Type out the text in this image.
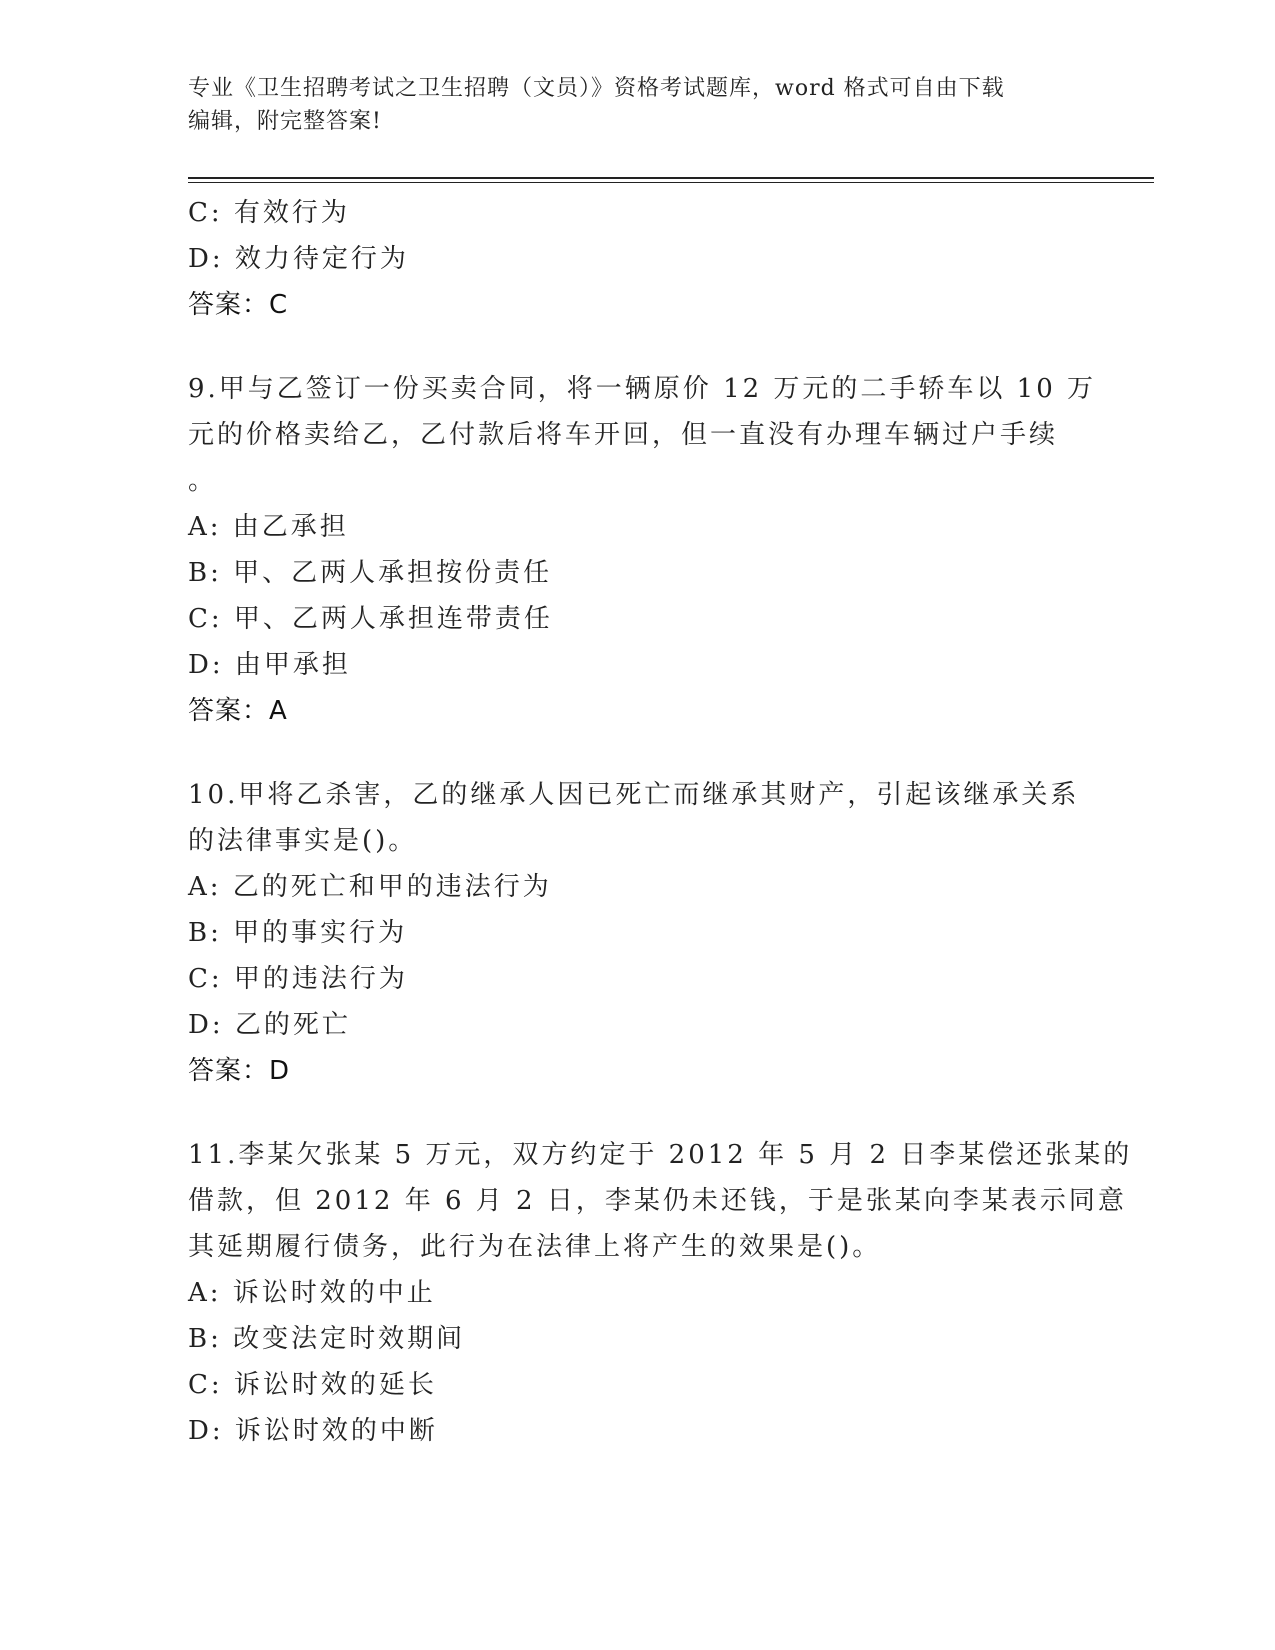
专业《卫生招聘考试之卫生招聘（文员）》资格考试题库，word 格式可自由下载
编辑，附完整答案!
C: 有效行为
D: 效力待定行为
答案：C
9.甲与乙签订一份买卖合同，将一辆原价 12 万元的二手轿车以 10 万
元的价格卖给乙，乙付款后将车开回，但一直没有办理车辆过户手续
。
A: 由乙承担
B: 甲、乙两人承担按份责任
C: 甲、乙两人承担连带责任
D: 由甲承担
答案：A
10.甲将乙杀害，乙的继承人因已死亡而继承其财产，引起该继承关系
的法律事实是()。
A: 乙的死亡和甲的违法行为
B: 甲的事实行为
C: 甲的违法行为
D: 乙的死亡
答案：D
11.李某欠张某 5 万元，双方约定于 2012 年 5 月 2 日李某偿还张某的
借款，但 2012 年 6 月 2 日，李某仍未还钱，于是张某向李某表示同意
其延期履行债务，此行为在法律上将产生的效果是()。
A: 诉讼时效的中止
B: 改变法定时效期间
C: 诉讼时效的延长
D: 诉讼时效的中断
